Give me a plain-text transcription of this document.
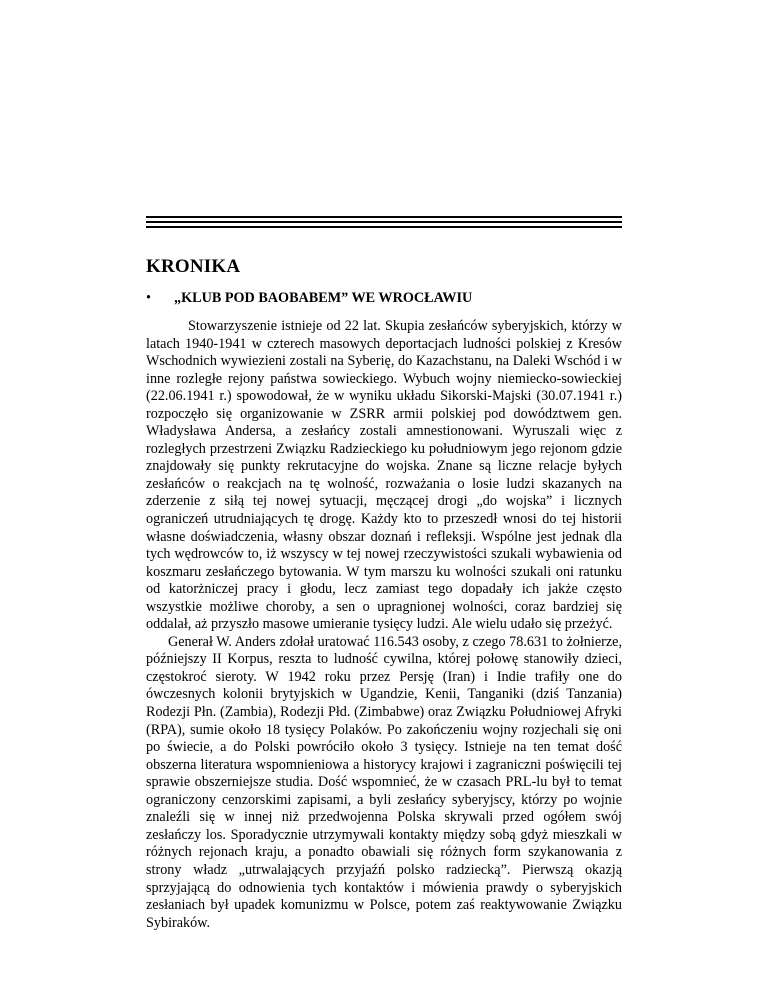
KRONIKA
• „KLUB POD BAOBABEM” WE WROCŁAWIU

Stowarzyszenie istnieje od 22 lat. Skupia zesłańców syberyjskich, którzy w latach 1940-1941 w czterech masowych deportacjach ludności polskiej z Kresów Wschodnich wywiezieni zostali na Syberię, do Kazachstanu, na Daleki Wschód i w inne rozległe rejony państwa sowieckiego. Wybuch wojny niemiecko-sowieckiej (22.06.1941 r.) spowodował, że w wyniku układu Sikorski-Majski (30.07.1941 r.) rozpoczęło się organizowanie w ZSRR armii polskiej pod dowództwem gen. Władysława Andersa, a zesłańcy zostali amnestionowani. Wyruszali więc z rozległych przestrzeni Związku Radzieckiego ku południowym jego rejonom gdzie znajdowały się punkty rekrutacyjne do wojska. Znane są liczne relacje byłych zesłańców o reakcjach na tę wolność, rozważania o losie ludzi skazanych na zderzenie z siłą tej nowej sytuacji, męczącej drogi „do wojska” i licznych ograniczeń utrudniających tę drogę. Każdy kto to przeszedł wnosi do tej historii własne doświadczenia, własny obszar doznań i refleksji. Wspólne jest jednak dla tych wędrowców to, iż wszyscy w tej nowej rzeczywistości szukali wybawienia od koszmaru zesłańczego bytowania. W tym marszu ku wolności szukali oni ratunku od katorżniczej pracy i głodu, lecz zamiast tego dopadały ich jakże często wszystkie możliwe choroby, a sen o upragnionej wolności, coraz bardziej się oddalał, aż przyszło masowe umieranie tysięcy ludzi. Ale wielu udało się przeżyć.

Generał W. Anders zdołał uratować 116.543 osoby, z czego 78.631 to żołnierze, późniejszy II Korpus, reszta to ludność cywilna, której połowę stanowiły dzieci, częstokroć sieroty. W 1942 roku przez Persję (Iran) i Indie trafiły one do ówczesnych kolonii brytyjskich w Ugandzie, Kenii, Tanganiki (dziś Tanzania) Rodezji Płn. (Zambia), Rodezji Płd. (Zimbabwe) oraz Związku Południowej Afryki (RPA), sumie około 18 tysięcy Polaków. Po zakończeniu wojny rozjechali się oni po świecie, a do Polski powróciło około 3 tysięcy. Istnieje na ten temat dość obszerna literatura wspomnieniowa a historycy krajowi i zagraniczni poświęcili tej sprawie obszerniejsze studia. Dość wspomnieć, że w czasach PRL-lu był to temat ograniczony cenzorskimi zapisami, a byli zesłańcy syberyjscy, którzy po wojnie znaleźli się w innej niż przedwojenna Polska skrywali przed ogółem swój zesłańczy los. Sporadycznie utrzymywali kontakty między sobą gdyż mieszkali w różnych rejonach kraju, a ponadto obawiali się różnych form szykanowania z strony władz „utrwalających przyjaźń polsko radziecką”. Pierwszą okazją sprzyjającą do odnowienia tych kontaktów i mówienia prawdy o syberyjskich zesłaniach był upadek komunizmu w Polsce, potem zaś reaktywowanie Związku Sybiraków.
